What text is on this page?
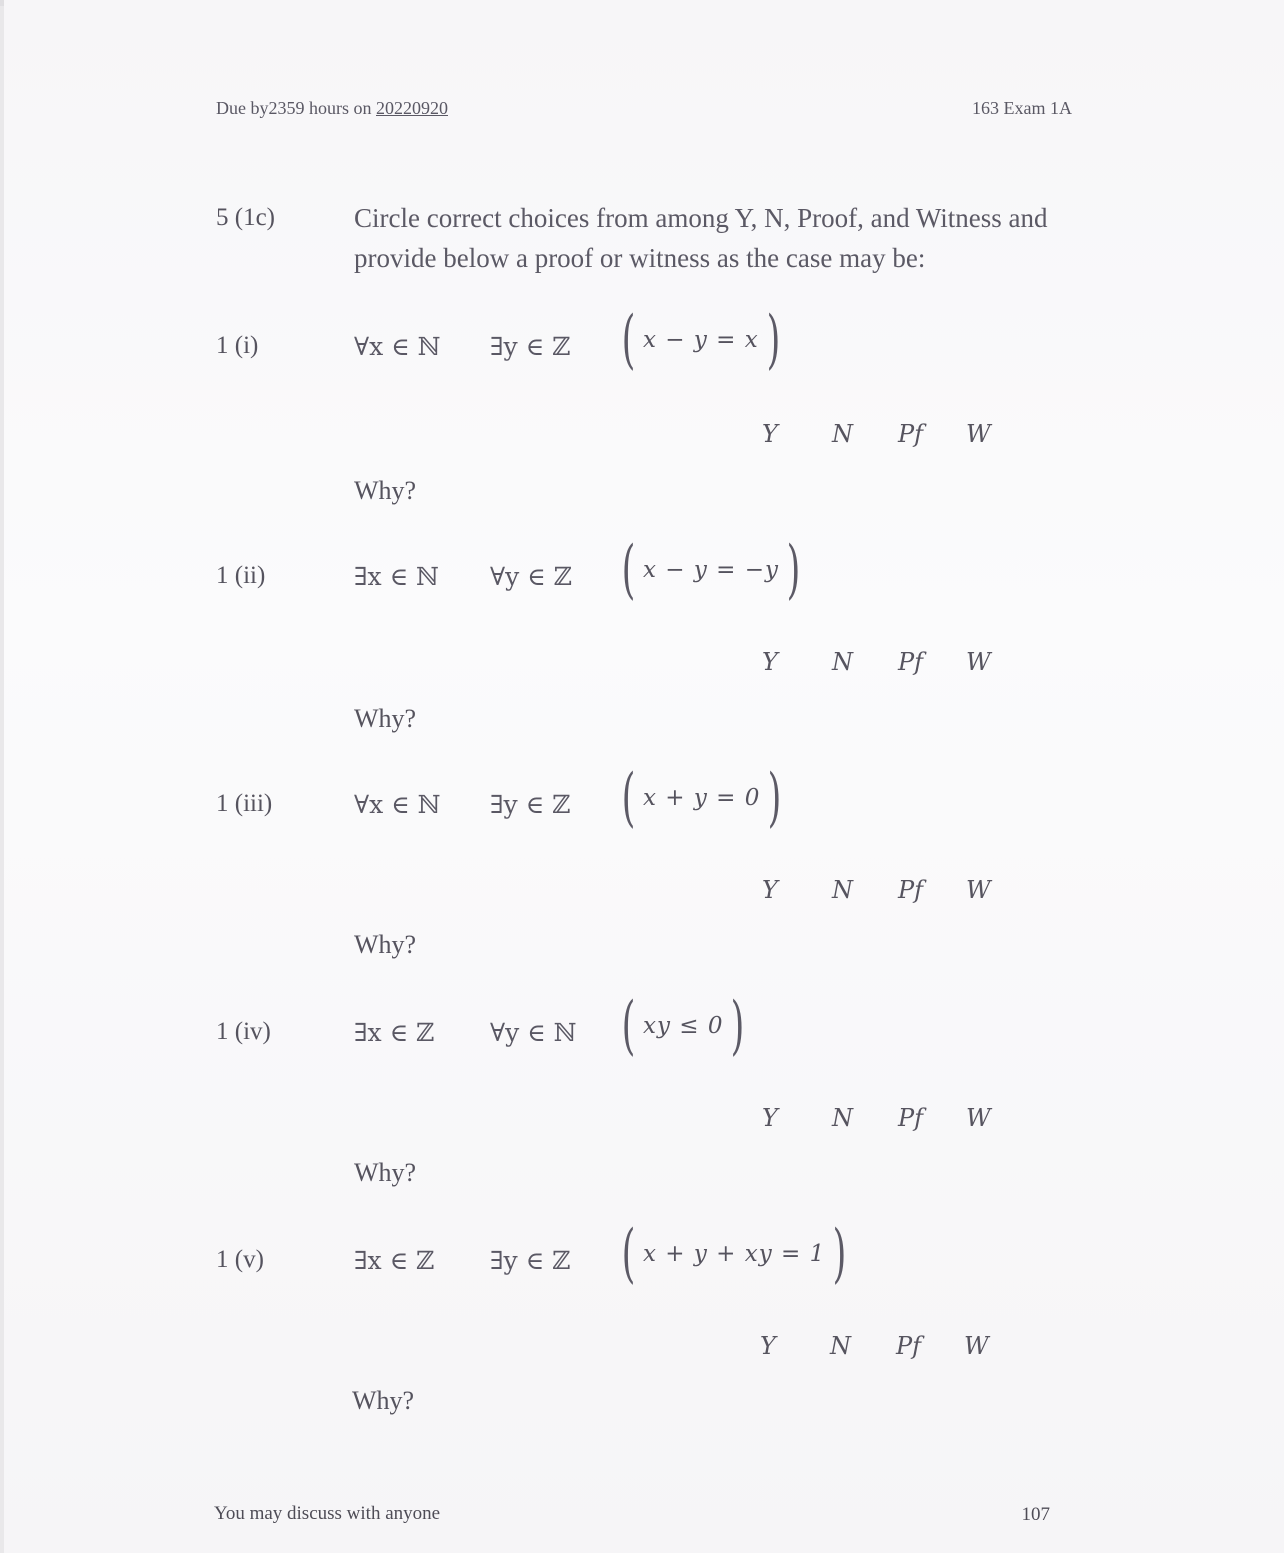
Due by2359 hours on 20220920	163 Exam 1A
5 (1c)	Circle correct choices from among Y, N, Proof, and Witness and provide below a proof or witness as the case may be:
1 (i)	∀x ∈ ℕ ∃y ∈ ℤ ( x − y = x )
Y N Pf W
Why?
1 (ii)	∃x ∈ ℕ ∀y ∈ ℤ ( x − y = −y )
Y N Pf W
Why?
1 (iii)	∀x ∈ ℕ ∃y ∈ ℤ ( x + y = 0 )
Y N Pf W
Why?
1 (iv)	∃x ∈ ℤ ∀y ∈ ℕ ( xy ≤ 0 )
Y N Pf W
Why?
1 (v)	∃x ∈ ℤ ∃y ∈ ℤ ( x + y + xy = 1 )
Y N Pf W
Why?
You may discuss with anyone	107
